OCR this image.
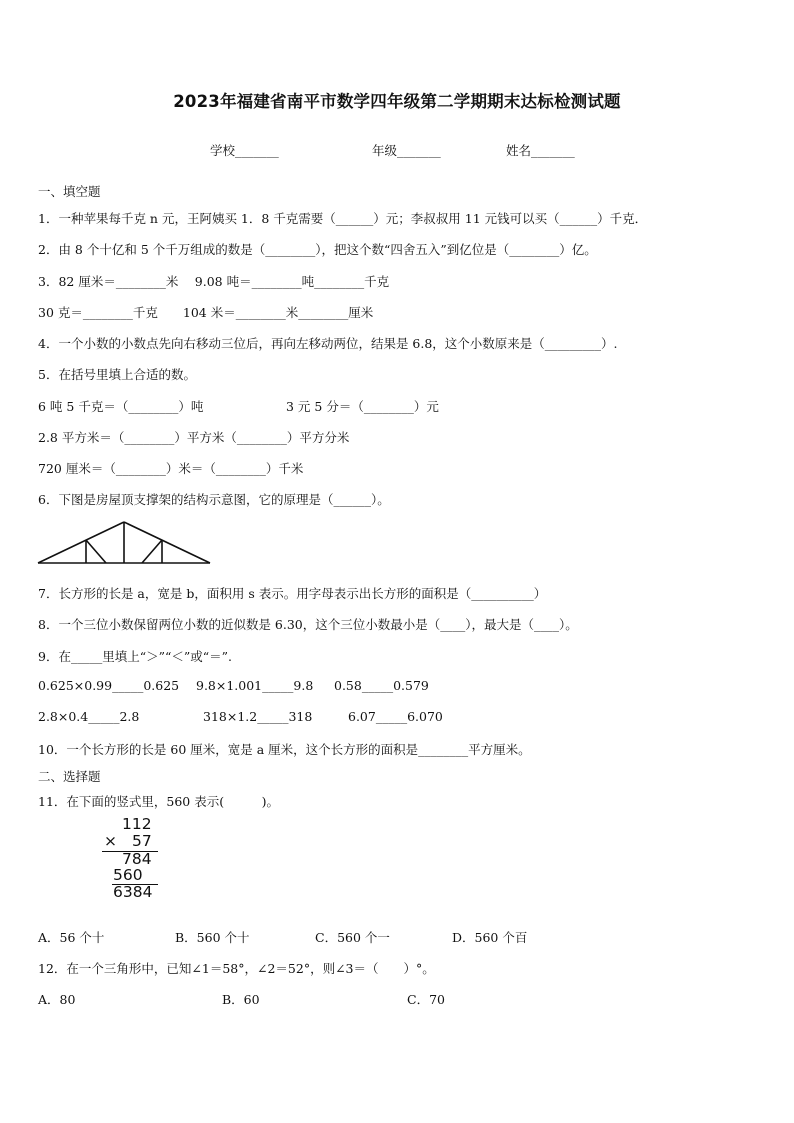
2023年福建省南平市数学四年级第二学期期末达标检测试题
学校_______	年级_______	姓名_______
一、填空题
1．一种苹果每千克 n 元，王阿姨买 1．8 千克需要（______）元；李叔叔用 11 元钱可以买（______）千克．
2．由 8 个十亿和 5 个千万组成的数是（________），把这个数“四舍五入”到亿位是（________）亿。
3．82 厘米＝________米　 9.08 吨＝________吨________千克
30 克＝________千克　　104 米＝________米________厘米
4．一个小数的小数点先向右移动三位后，再向左移动两位，结果是 6.8，这个小数原来是（_________）.
5．在括号里填上合适的数。
6 吨 5 千克＝（________）吨	3 元 5 分＝（________）元
2.8 平方米＝（________）平方米（________）平方分米
720 厘米＝（________）米＝（________）千米
6．下图是房屋顶支撑架的结构示意图，它的原理是（______）。
7．长方形的长是 a，宽是 b，面积用 s 表示。用字母表示出长方形的面积是（__________）
8．一个三位小数保留两位小数的近似数是 6.30，这个三位小数最小是（____），最大是（____）。
9．在_____里填上“＞”“＜”或“＝”.
0.625×0.99_____0.625 9.8×1.001_____9.8 0.58_____0.579
2.8×0.4_____2.8	318×1.2_____318	6.07_____6.070
10．一个长方形的长是 60 厘米，宽是 a 厘米，这个长方形的面积是________平方厘米。
二、选择题
11．在下面的竖式里，560 表示(　　　)。
112
× 57
784
560
6384
A．56 个十	B．560 个十	C．560 个一	D．560 个百
12．在一个三角形中，已知∠1＝58°，∠2＝52°，则∠3＝（　　）°。
A．80	B．60	C．70
